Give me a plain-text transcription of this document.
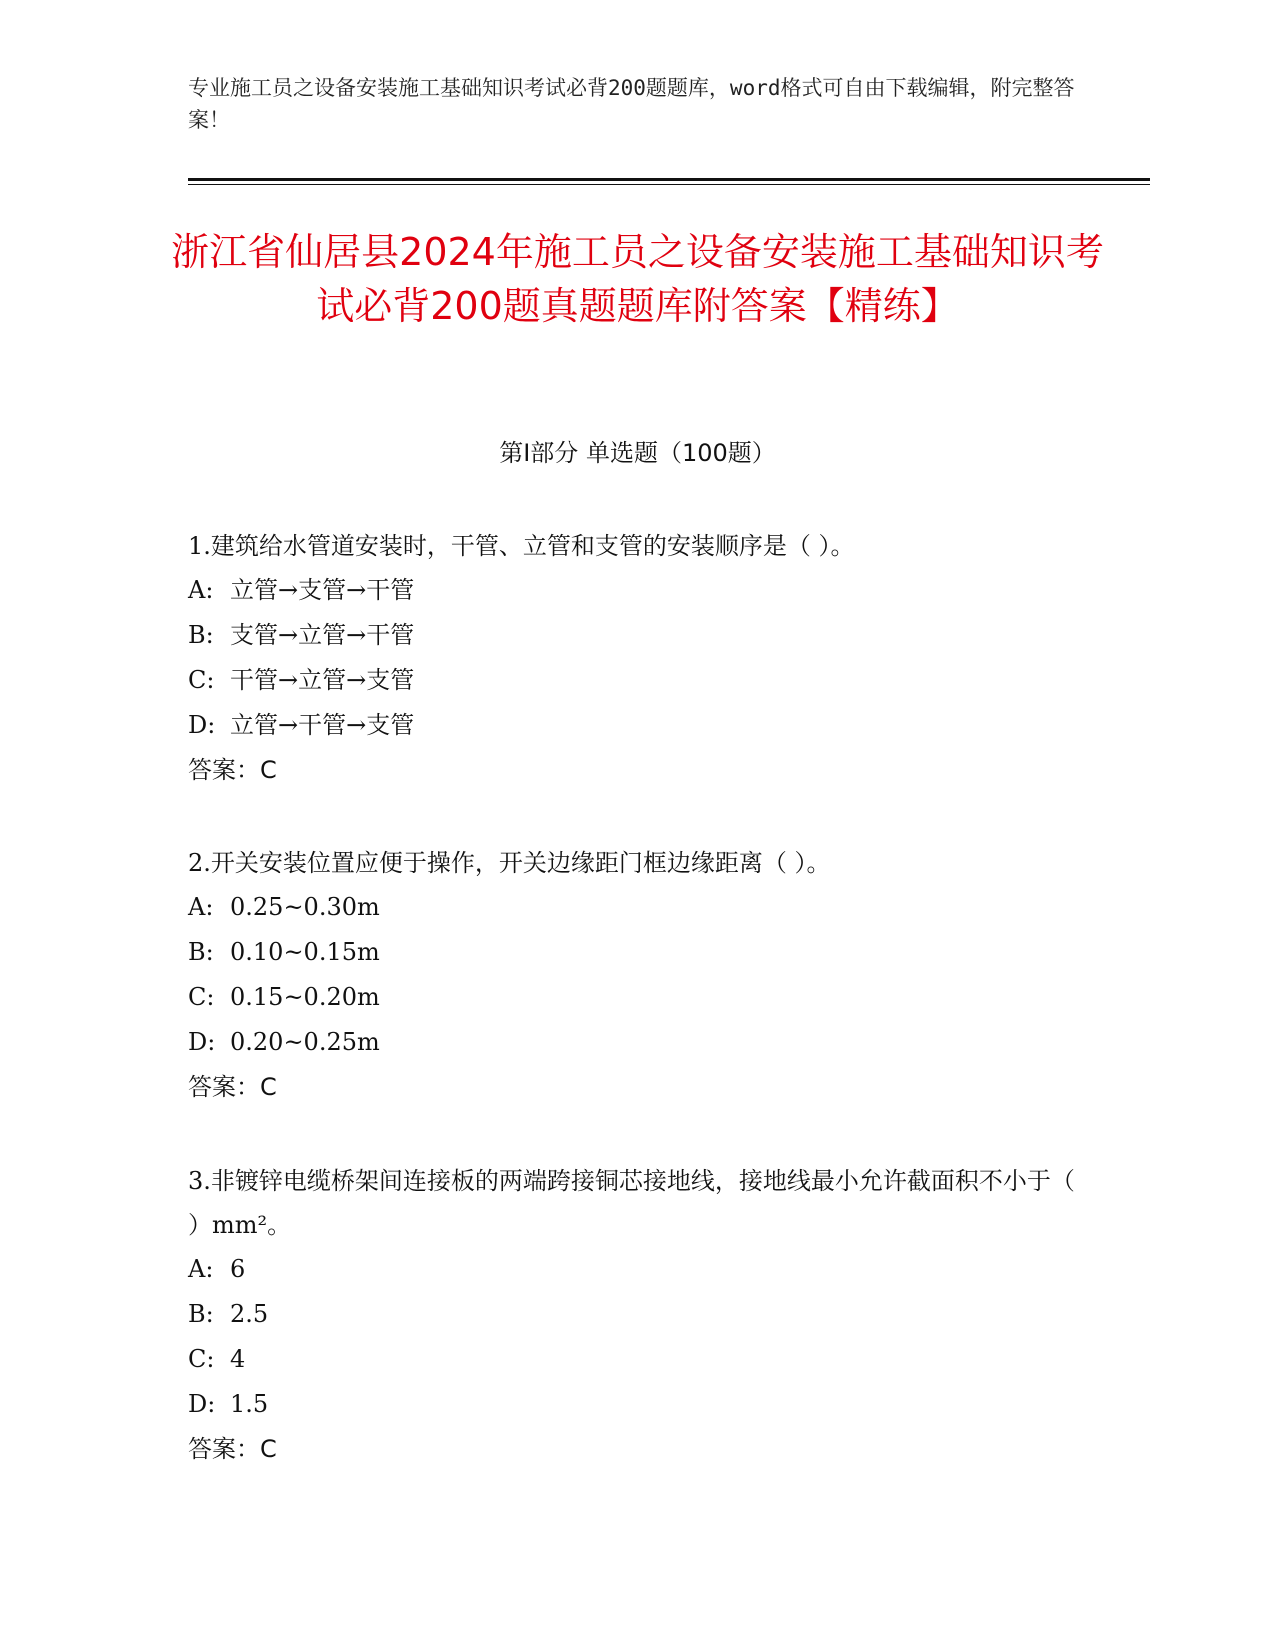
专业施工员之设备安装施工基础知识考试必背200题题库，word格式可自由下载编辑，附完整答案！
浙江省仙居县2024年施工员之设备安装施工基础知识考试必背200题真题题库附答案【精练】
第I部分 单选题（100题）

1.建筑给水管道安装时，干管、立管和支管的安装顺序是（ ）。

A: 立管→支管→干管
B: 支管→立管→干管
C: 干管→立管→支管
D: 立管→干管→支管
答案：C

2.开关安装位置应便于操作，开关边缘距门框边缘距离（ ）。

A: 0.25~0.30m
B: 0.10~0.15m
C: 0.15~0.20m
D: 0.20~0.25m
答案：C

3.非镀锌电缆桥架间连接板的两端跨接铜芯接地线，接地线最小允许截面积不小于（ ）mm²。

A: 6
B: 2.5
C: 4
D: 1.5
答案：C
